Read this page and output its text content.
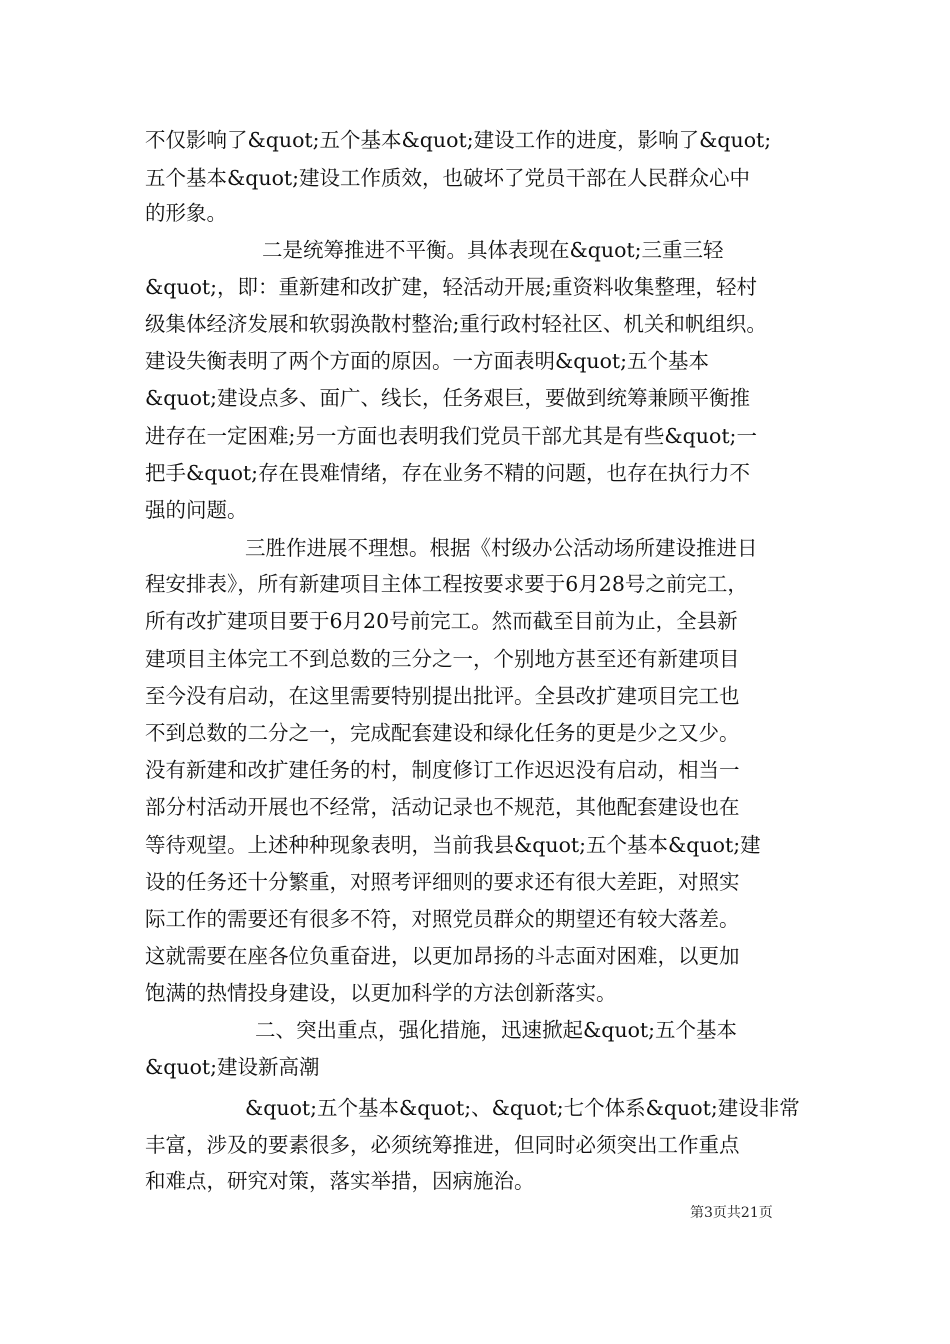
不仅影响了&quot;五个基本&quot;建设工作的进度，影响了&quot;
五个基本&quot;建设工作质效，也破坏了党员干部在人民群众心中
的形象。
二是统筹推进不平衡。具体表现在&quot;三重三轻
&quot;，即：重新建和改扩建，轻活动开展;重资料收集整理，轻村
级集体经济发展和软弱涣散村整治;重行政村轻社区、机关和帆组织。
建设失衡表明了两个方面的原因。一方面表明&quot;五个基本
&quot;建设点多、面广、线长，任务艰巨，要做到统筹兼顾平衡推
进存在一定困难;另一方面也表明我们党员干部尤其是有些&quot;一
把手&quot;存在畏难情绪，存在业务不精的问题，也存在执行力不
强的问题。
三胜作进展不理想。根据《村级办公活动场所建设推进日
程安排表》，所有新建项目主体工程按要求要于6月28号之前完工，
所有改扩建项目要于6月20号前完工。然而截至目前为止，全县新
建项目主体完工不到总数的三分之一，个别地方甚至还有新建项目
至今没有启动，在这里需要特别提出批评。全县改扩建项目完工也
不到总数的二分之一，完成配套建设和绿化任务的更是少之又少。
没有新建和改扩建任务的村，制度修订工作迟迟没有启动，相当一
部分村活动开展也不经常，活动记录也不规范，其他配套建设也在
等待观望。上述种种现象表明，当前我县&quot;五个基本&quot;建
设的任务还十分繁重，对照考评细则的要求还有很大差距，对照实
际工作的需要还有很多不符，对照党员群众的期望还有较大落差。
这就需要在座各位负重奋进，以更加昂扬的斗志面对困难，以更加
饱满的热情投身建设，以更加科学的方法创新落实。
二、突出重点，强化措施，迅速掀起&quot;五个基本
&quot;建设新高潮
&quot;五个基本&quot;、&quot;七个体系&quot;建设非常
丰富，涉及的要素很多，必须统筹推进，但同时必须突出工作重点
和难点，研究对策，落实举措，因病施治。
第3页共21页
